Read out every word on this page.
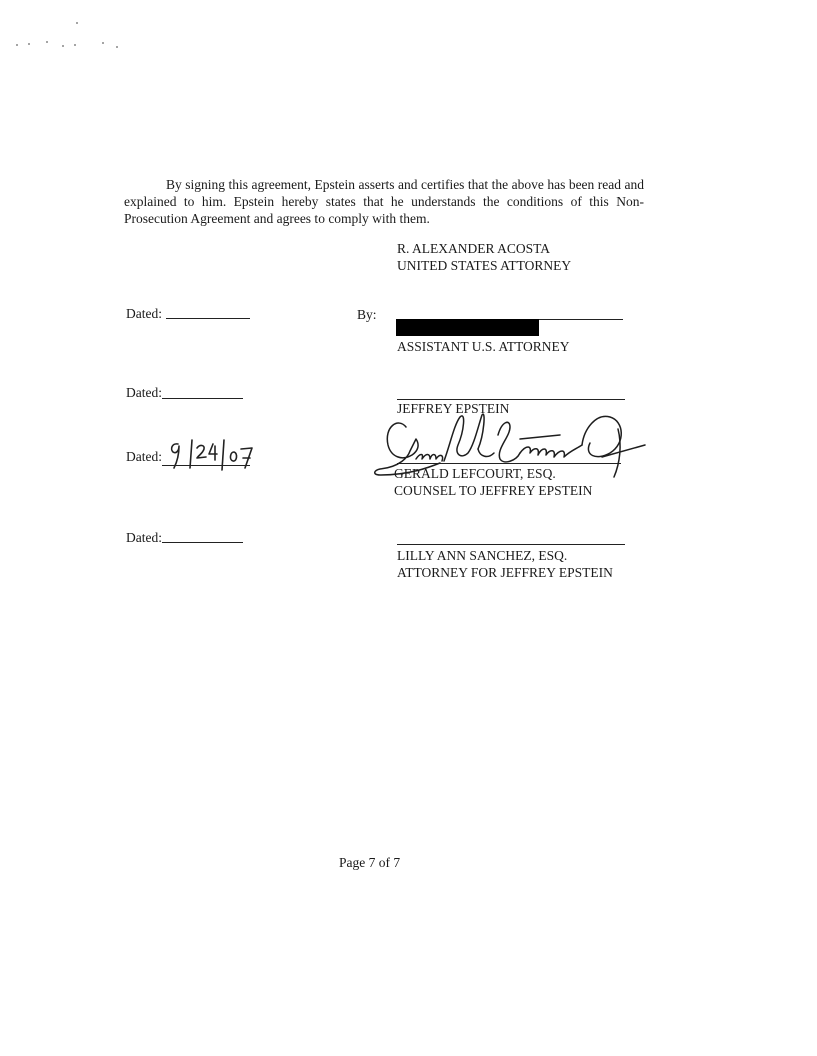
By signing this agreement, Epstein asserts and certifies that the above has been read and explained to him. Epstein hereby states that he understands the conditions of this Non-Prosecution Agreement and agrees to comply with them.
R. ALEXANDER ACOSTA
UNITED STATES ATTORNEY
Dated:	By:
ASSISTANT U.S. ATTORNEY
Dated:
JEFFREY EPSTEIN
Dated:
GERALD LEFCOURT, ESQ.
COUNSEL TO JEFFREY EPSTEIN
Dated:
LILLY ANN SANCHEZ, ESQ.
ATTORNEY FOR JEFFREY EPSTEIN
Page 7 of 7
